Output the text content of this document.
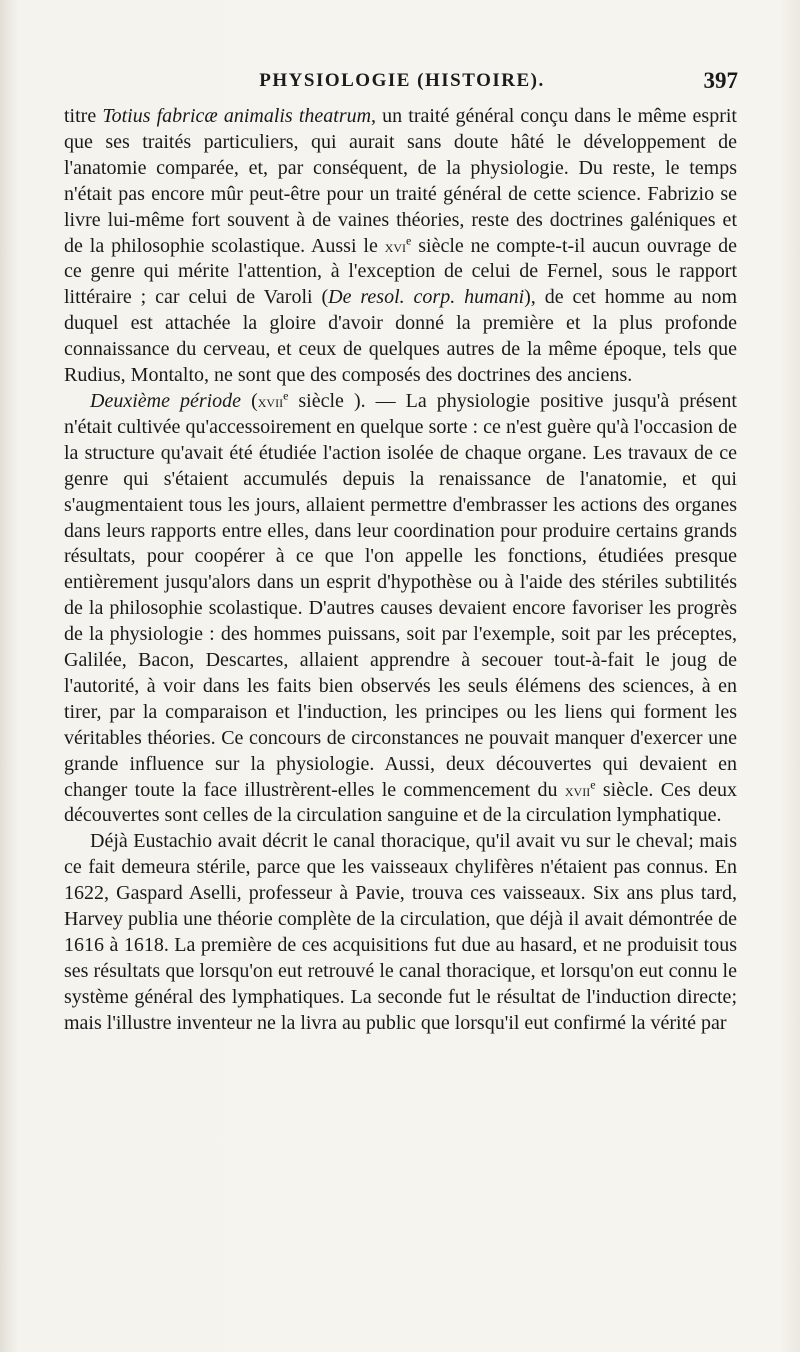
PHYSIOLOGIE (HISTOIRE).	397

titre Totius fabricæ animalis theatrum, un traité général conçu dans le même esprit que ses traités particuliers, qui aurait sans doute hâté le développement de l'anatomie comparée, et, par conséquent, de la physiologie. Du reste, le temps n'était pas encore mûr peut-être pour un traité général de cette science. Fabrizio se livre lui-même fort souvent à de vaines théories, reste des doctrines galéniques et de la philosophie scolastique. Aussi le xvi$^e$ siècle ne compte-t-il aucun ouvrage de ce genre qui mérite l'attention, à l'exception de celui de Fernel, sous le rapport littéraire ; car celui de Varoli (De resol. corp. humani), de cet homme au nom duquel est attachée la gloire d'avoir donné la première et la plus profonde connaissance du cerveau, et ceux de quelques autres de la même époque, tels que Rudius, Montalto, ne sont que des composés des doctrines des anciens.

Deuxième période (xvii$^e$ siècle ). — La physiologie positive jusqu'à présent n'était cultivée qu'accessoirement en quelque sorte : ce n'est guère qu'à l'occasion de la structure qu'avait été étudiée l'action isolée de chaque organe. Les travaux de ce genre qui s'étaient accumulés depuis la renaissance de l'anatomie, et qui s'augmentaient tous les jours, allaient permettre d'embrasser les actions des organes dans leurs rapports entre elles, dans leur coordination pour produire certains grands résultats, pour coopérer à ce que l'on appelle les fonctions, étudiées presque entièrement jusqu'alors dans un esprit d'hypothèse ou à l'aide des stériles subtilités de la philosophie scolastique. D'autres causes devaient encore favoriser les progrès de la physiologie : des hommes puissans, soit par l'exemple, soit par les préceptes, Galilée, Bacon, Descartes, allaient apprendre à secouer tout-à-fait le joug de l'autorité, à voir dans les faits bien observés les seuls élémens des sciences, à en tirer, par la comparaison et l'induction, les principes ou les liens qui forment les véritables théories. Ce concours de circonstances ne pouvait manquer d'exercer une grande influence sur la physiologie. Aussi, deux découvertes qui devaient en changer toute la face illustrèrent-elles le commencement du xvii$^e$ siècle. Ces deux découvertes sont celles de la circulation sanguine et de la circulation lymphatique.

Déjà Eustachio avait décrit le canal thoracique, qu'il avait vu sur le cheval; mais ce fait demeura stérile, parce que les vaisseaux chylifères n'étaient pas connus. En 1622, Gaspard Aselli, professeur à Pavie, trouva ces vaisseaux. Six ans plus tard, Harvey publia une théorie complète de la circulation, que déjà il avait démontrée de 1616 à 1618. La première de ces acquisitions fut due au hasard, et ne produisit tous ses résultats que lorsqu'on eut retrouvé le canal thoracique, et lorsqu'on eut connu le système général des lymphatiques. La seconde fut le résultat de l'induction directe; mais l'illustre inventeur ne la livra au public que lorsqu'il eut confirmé la vérité par
